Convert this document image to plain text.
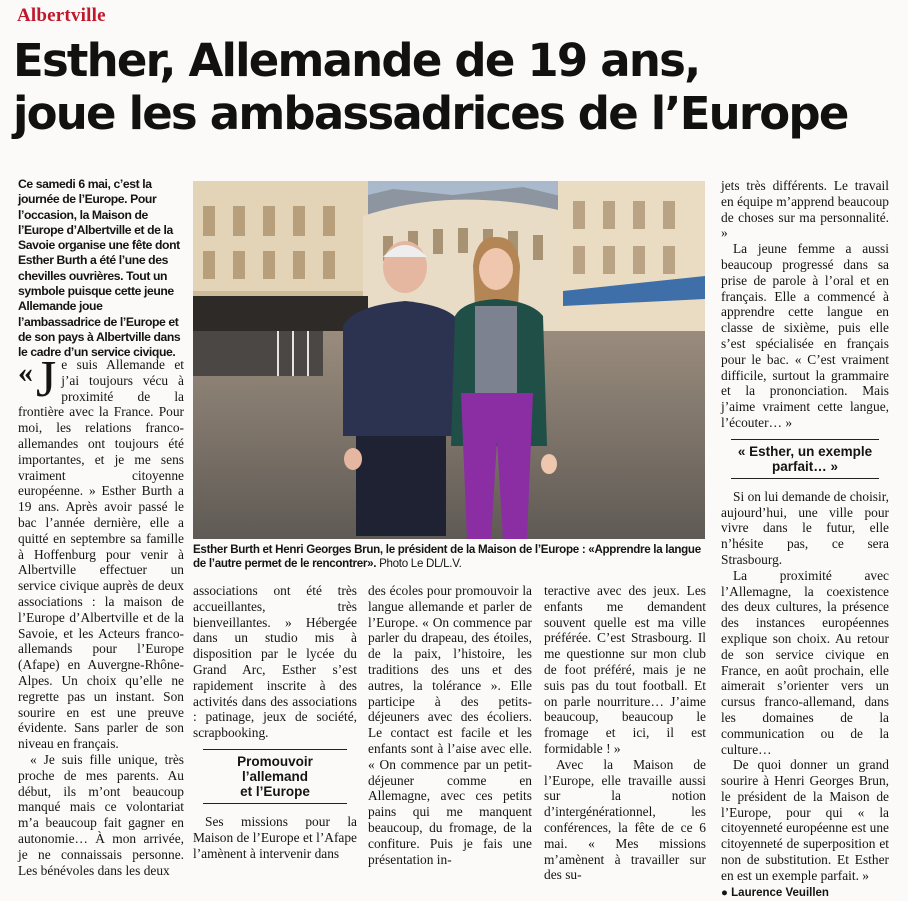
Albertville
Esther, Allemande de 19 ans,
joue les ambassadrices de l’Europe

Ce samedi 6 mai, c’est la journée de l’Europe. Pour l’occasion, la Maison de l’Europe d’Albertville et de la Savoie organise une fête dont Esther Burth a été l’une des chevilles ouvrières. Tout un symbole puisque cette jeune Allemande joue l’ambassadrice de l’Europe et de son pays à Albertville dans le cadre d’un service civique.

« J e suis Allemande et j’ai toujours vécu à proximité de la frontière avec la France. Pour moi, les relations franco-allemandes ont toujours été importantes, et je me sens vraiment citoyenne européenne. » Esther Burth a 19 ans. Après avoir passé le bac l’année dernière, elle a quitté en septembre sa famille à Hoffenburg pour venir à Albertville effectuer un service civique auprès de deux associations : la maison de l’Europe d’Albertville et de la Savoie, et les Acteurs franco-allemands pour l’Europe (Afape) en Auvergne-Rhône-Alpes. Un choix qu’elle ne regrette pas un instant. Son sourire en est une preuve évidente. Sans parler de son niveau en français.

« Je suis fille unique, très proche de mes parents. Au début, ils m’ont beaucoup manqué mais ce volontariat m’a beaucoup fait gagner en autonomie… À mon arrivée, je ne connaissais personne. Les bénévoles dans les deux

Esther Burth et Henri Georges Brun, le président de la Maison de l’Europe : «Apprendre la langue de l’autre permet de le rencontrer». Photo Le DL/L.V.

associations ont été très accueillantes, très bienveillantes. » Hébergée dans un studio mis à disposition par le lycée du Grand Arc, Esther s’est rapidement inscrite à des activités dans des associations : patinage, jeux de société, scrapbooking.

Promouvoir l’allemand et l’Europe

Ses missions pour la Maison de l’Europe et l’Afape l’amènent à intervenir dans

des écoles pour promouvoir la langue allemande et parler de l’Europe. « On commence par parler du drapeau, des étoiles, de la paix, l’histoire, les traditions des uns et des autres, la tolérance ». Elle participe à des petits-déjeuners avec des écoliers. Le contact est facile et les enfants sont à l’aise avec elle. « On commence par un petit-déjeuner comme en Allemagne, avec ces petits pains qui me manquent beaucoup, du fromage, de la confiture. Puis je fais une présentation in-

teractive avec des jeux. Les enfants me demandent souvent quelle est ma ville préférée. C’est Strasbourg. Il me questionne sur mon club de foot préféré, mais je ne suis pas du tout football. Et on parle nourriture… J’aime beaucoup, beaucoup le fromage et ici, il est formidable ! »

Avec la Maison de l’Europe, elle travaille aussi sur la notion d’intergénérationnel, les conférences, la fête de ce 6 mai. « Mes missions m’amènent à travailler sur des su-

jets très différents. Le travail en équipe m’apprend beaucoup de choses sur ma personnalité. »

La jeune femme a aussi beaucoup progressé dans sa prise de parole à l’oral et en français. Elle a commencé à apprendre cette langue en classe de sixième, puis elle s’est spécialisée en français pour le bac. « C’est vraiment difficile, surtout la grammaire et la prononciation. Mais j’aime vraiment cette langue, l’écouter… »

« Esther, un exemple parfait… »

Si on lui demande de choisir, aujourd’hui, une ville pour vivre dans le futur, elle n’hésite pas, ce sera Strasbourg.

La proximité avec l’Allemagne, la coexistence des deux cultures, la présence des instances européennes explique son choix. Au retour de son service civique en France, en août prochain, elle aimerait s’orienter vers un cursus franco-allemand, dans les domaines de la communication ou de la culture…

De quoi donner un grand sourire à Henri Georges Brun, le président de la Maison de l’Europe, pour qui « la citoyenneté européenne est une citoyenneté de superposition et non de substitution. Et Esther en est un exemple parfait. »

● Laurence Veuillen
